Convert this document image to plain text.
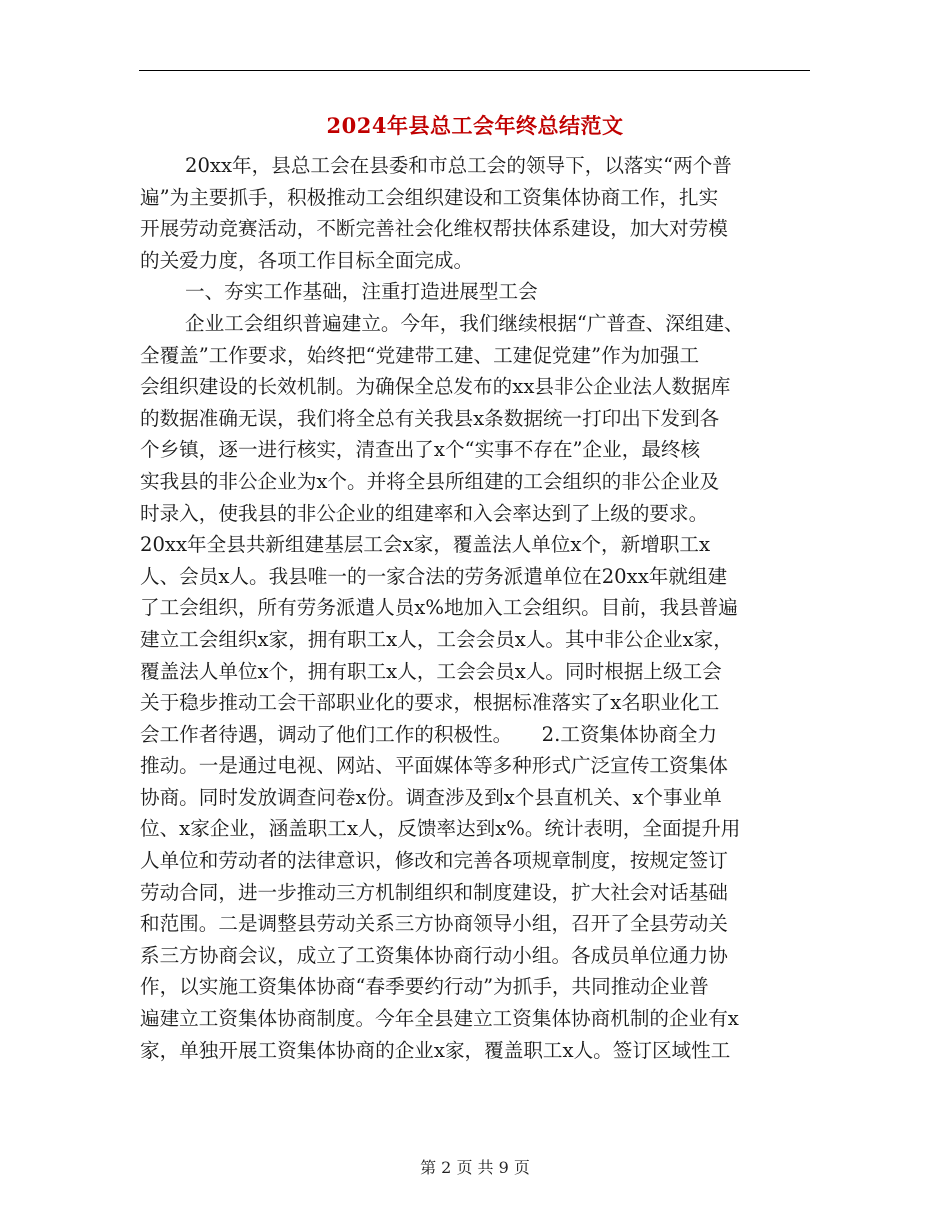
2024年县总工会年终总结范文
20xx年，县总工会在县委和市总工会的领导下，以落实“两个普
遍”为主要抓手，积极推动工会组织建设和工资集体协商工作，扎实
开展劳动竞赛活动，不断完善社会化维权帮扶体系建设，加大对劳模
的关爱力度，各项工作目标全面完成。
一、夯实工作基础，注重打造进展型工会
企业工会组织普遍建立。今年，我们继续根据“广普查、深组建、
全覆盖”工作要求，始终把“党建带工建、工建促党建”作为加强工
会组织建设的长效机制。为确保全总发布的xx县非公企业法人数据库
的数据准确无误，我们将全总有关我县x条数据统一打印出下发到各
个乡镇，逐一进行核实，清查出了x个“实事不存在”企业，最终核
实我县的非公企业为x个。并将全县所组建的工会组织的非公企业及
时录入，使我县的非公企业的组建率和入会率达到了上级的要求。
20xx年全县共新组建基层工会x家，覆盖法人单位x个，新增职工x
人、会员x人。我县唯一的一家合法的劳务派遣单位在20xx年就组建
了工会组织，所有劳务派遣人员x%地加入工会组织。目前，我县普遍
建立工会组织x家，拥有职工x人，工会会员x人。其中非公企业x家，
覆盖法人单位x个，拥有职工x人，工会会员x人。同时根据上级工会
关于稳步推动工会干部职业化的要求，根据标准落实了x名职业化工
会工作者待遇，调动了他们工作的积极性。　　2.工资集体协商全力
推动。一是通过电视、网站、平面媒体等多种形式广泛宣传工资集体
协商。同时发放调查问卷x份。调查涉及到x个县直机关、x个事业单
位、x家企业，涵盖职工x人，反馈率达到x%。统计表明，全面提升用
人单位和劳动者的法律意识，修改和完善各项规章制度，按规定签订
劳动合同，进一步推动三方机制组织和制度建设，扩大社会对话基础
和范围。二是调整县劳动关系三方协商领导小组，召开了全县劳动关
系三方协商会议，成立了工资集体协商行动小组。各成员单位通力协
作，以实施工资集体协商“春季要约行动”为抓手，共同推动企业普
遍建立工资集体协商制度。今年全县建立工资集体协商机制的企业有x
家，单独开展工资集体协商的企业x家，覆盖职工x人。签订区域性工
第 2 页 共 9 页
